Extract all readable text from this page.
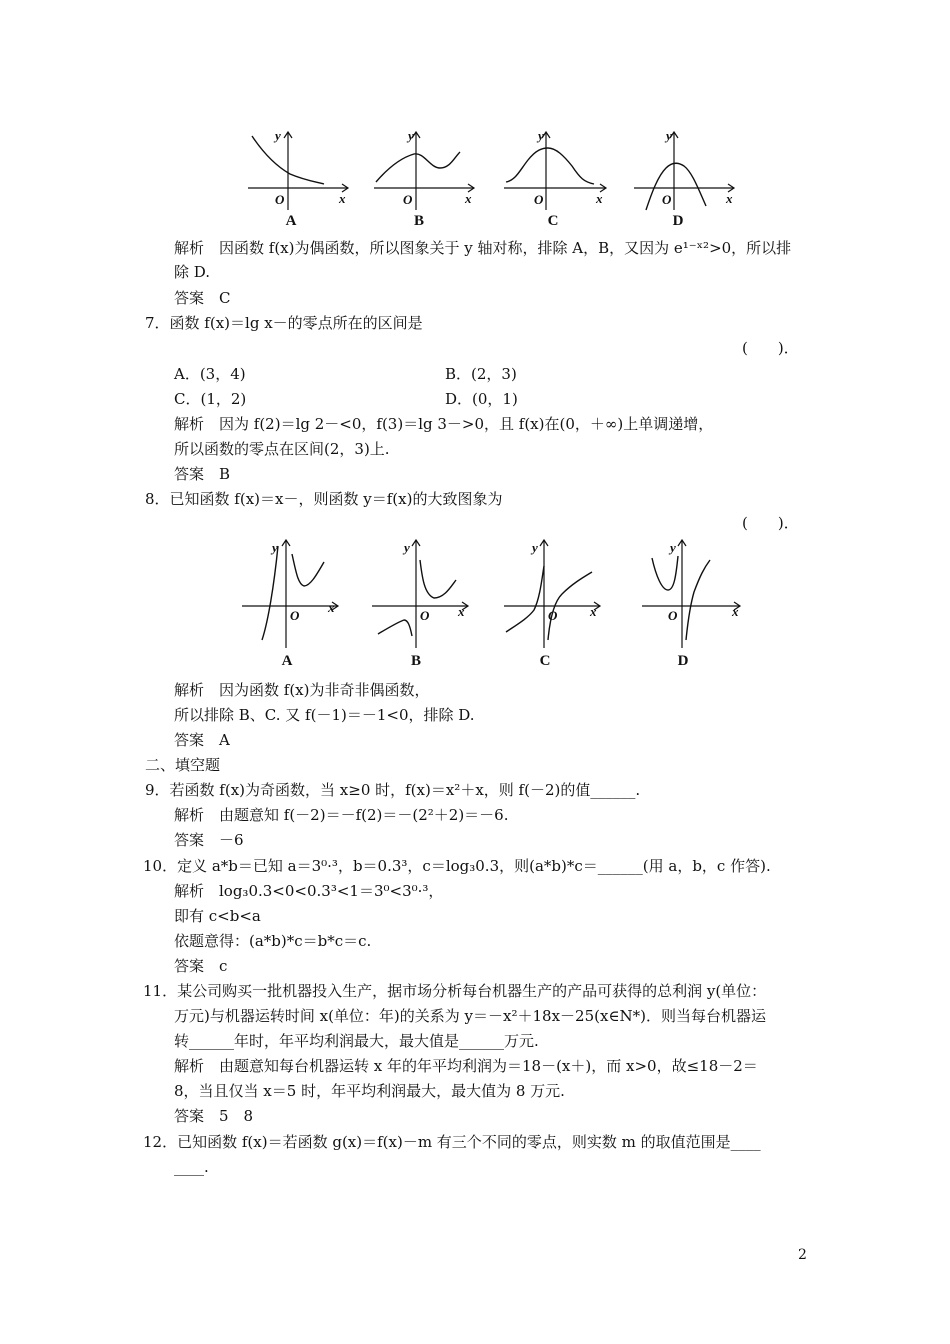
x
y
O	x
y
O	x
y
O	x
y
O
A	B	C	D
解析　因函数 f(x)为偶函数，所以图象关于 y 轴对称，排除 A，B，又因为 e¹⁻ˣ²>0，所以排
除 D.
答案　C
7．函数 f(x)＝lg x－的零点所在的区间是
(　　)．
A．(3，4)	B．(2，3)
C．(1，2)	D．(0，1)
解析　因为 f(2)＝lg 2－<0，f(3)＝lg 3－>0，且 f(x)在(0，＋∞)上单调递增，
所以函数的零点在区间(2，3)上.
答案　B
8．已知函数 f(x)＝x－，则函数 y＝f(x)的大致图象为
(　　)．
x
y
O	x
y
O	x
y
O	x
y
O
A	B	C	D
解析　因为函数 f(x)为非奇非偶函数，
所以排除 B、C. 又 f(－1)＝－1<0，排除 D.
答案　A
二、填空题
9．若函数 f(x)为奇函数，当 x≥0 时，f(x)＝x²＋x，则 f(－2)的值______.
解析　由题意知 f(－2)＝－f(2)＝－(2²＋2)＝－6.
答案　－6
10．定义 a*b＝已知 a＝3⁰·³，b＝0.3³，c＝log₃0.3，则(a*b)*c＝______(用 a，b，c 作答).
解析　log₃0.3<0<0.3³<1＝3⁰<3⁰·³，
即有 c<b<a
依题意得：(a*b)*c＝b*c＝c.
答案　c
11．某公司购买一批机器投入生产，据市场分析每台机器生产的产品可获得的总利润 y(单位：
万元)与机器运转时间 x(单位：年)的关系为 y＝－x²＋18x－25(x∈N*)．则当每台机器运
转______年时，年平均利润最大，最大值是______万元.
解析　由题意知每台机器运转 x 年的年平均利润为＝18－(x＋)，而 x>0，故≤18－2＝
8，当且仅当 x＝5 时，年平均利润最大，最大值为 8 万元.
答案　5　8
12．已知函数 f(x)＝若函数 g(x)＝f(x)－m 有三个不同的零点，则实数 m 的取值范围是____
____.
2
